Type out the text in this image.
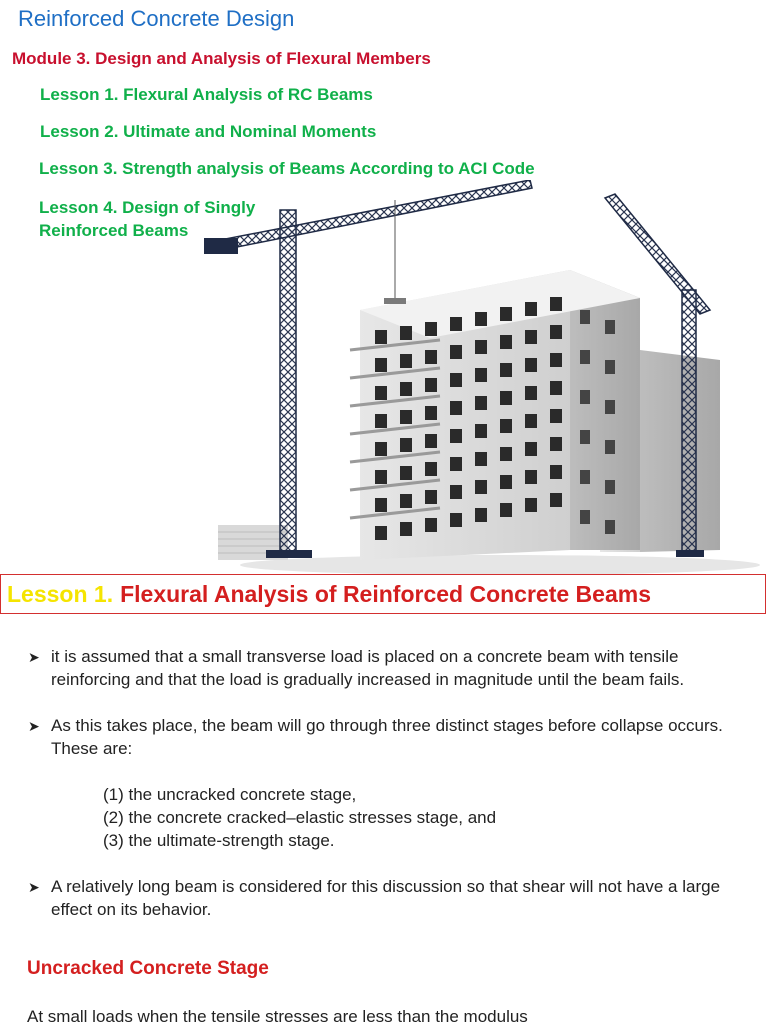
Reinforced Concrete Design
Module 3. Design and Analysis of Flexural Members
Lesson 1. Flexural Analysis of RC Beams
Lesson 2. Ultimate and Nominal Moments
Lesson 3. Strength analysis of Beams According to ACI Code
Lesson 4. Design of Singly
Reinforced Beams
Lesson 1. Flexural Analysis of Reinforced Concrete Beams
➤ it is assumed that a small transverse load is placed on a concrete beam with tensile reinforcing and that the load is gradually increased in magnitude until the beam fails.
➤ As this takes place, the beam will go through three distinct stages before collapse occurs. These are:
(1) the uncracked concrete stage,
(2) the concrete cracked–elastic stresses stage, and
(3) the ultimate-strength stage.
➤ A relatively long beam is considered for this discussion so that shear will not have a large effect on its behavior.
Uncracked Concrete Stage
At small loads when the tensile stresses are less than the modulus
